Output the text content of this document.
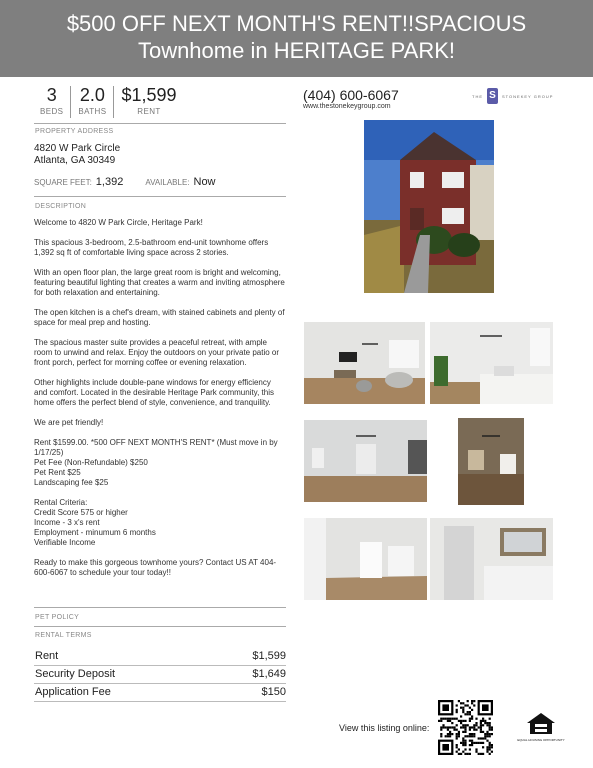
$500 OFF NEXT MONTH'S RENT!!SPACIOUS
Townhome in HERITAGE PARK!
3
BEDS
2.0
BATHS
$1,599
RENT
(404) 600-6067
www.thestonekeygroup.com
THE S	STONEKEY GROUP
PROPERTY ADDRESS
4820 W Park Circle
Atlanta, GA 30349
SQUARE FEET: 1,392	AVAILABLE: Now
DESCRIPTION

Welcome to 4820 W Park Circle, Heritage Park!

This spacious 3-bedroom, 2.5-bathroom end-unit townhome offers 1,392 sq ft of comfortable living space across 2 stories.

With an open floor plan, the large great room is bright and welcoming, featuring beautiful lighting that creates a warm and inviting atmosphere for both relaxation and entertaining.

The open kitchen is a chef's dream, with stained cabinets and plenty of space for meal prep and hosting.

The spacious master suite provides a peaceful retreat, with ample room to unwind and relax. Enjoy the outdoors on your private patio or front porch, perfect for morning coffee or evening relaxation.

Other highlights include double-pane windows for energy efficiency and comfort. Located in the desirable Heritage Park community, this home offers the perfect blend of style, convenience, and tranquility.

We are pet friendly!

Rent $1599.00. *500 OFF NEXT MONTH'S RENT* (Must move in by 1/17/25)
Pet Fee (Non-Refundable) $250
Pet Rent $25
Landscaping fee $25

Rental Criteria:
Credit Score 575 or higher
Income - 3 x's rent
Employment - minumum 6 months
Verifiable Income

Ready to make this gorgeous townhome yours? Contact US AT 404-600-6067 to schedule your tour today!!

PET POLICY
RENTAL TERMS
Rent	$1,599
Security Deposit	$1,649
Application Fee	$150
View this listing online:
EQUAL HOUSING OPPORTUNITY
